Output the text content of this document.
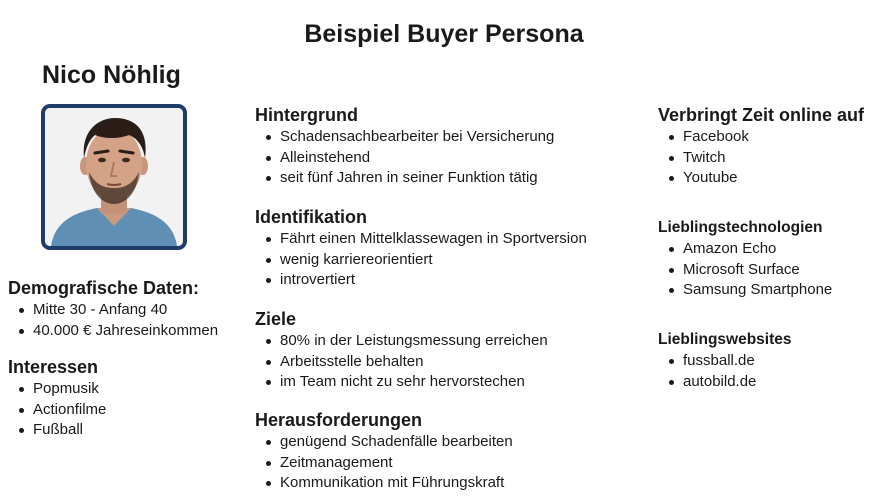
Beispiel Buyer Persona
Nico Nöhlig
Demografische Daten:
Mitte 30 - Anfang 40
40.000 € Jahreseinkommen
Interessen
Popmusik
Actionfilme
Fußball
Hintergrund
Schadensachbearbeiter bei Versicherung
Alleinstehend
seit fünf Jahren in seiner Funktion tätig
Identifikation
Fährt einen Mittelklassewagen in Sportversion
wenig karriereorientiert
introvertiert
Ziele
80% in der Leistungsmessung erreichen
Arbeitsstelle behalten
im Team nicht zu sehr hervorstechen
Herausforderungen
genügend Schadenfälle bearbeiten
Zeitmanagement
Kommunikation mit Führungskraft
Verbringt Zeit online auf
Facebook
Twitch
Youtube
Lieblingstechnologien
Amazon Echo
Microsoft Surface
Samsung Smartphone
Lieblingswebsites
fussball.de
autobild.de
